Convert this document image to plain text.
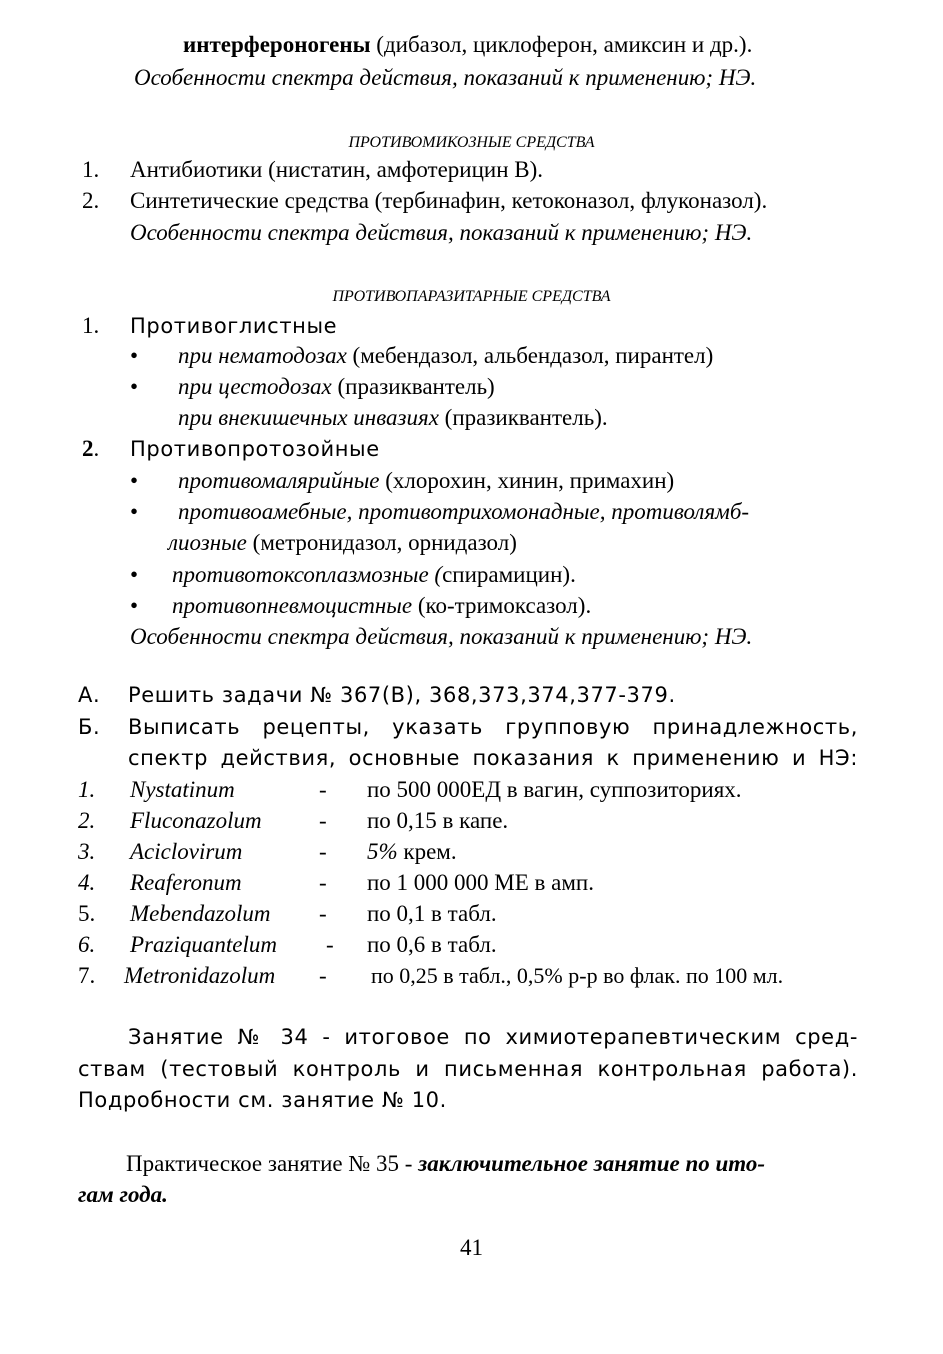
интерфероногены (дибазол, циклоферон, амиксин и др.).
Особенности спектра действия, показаний к применению; НЭ.
ПРОТИВОМИКОЗНЫЕ СРЕДСТВА
1. Антибиотики (нистатин, амфотерицин В).
2. Синтетические средства (тербинафин, кетоконазол, флуконазол).
Особенности спектра действия, показаний к применению; НЭ.
ПРОТИВОПАРАЗИТАРНЫЕ СРЕДСТВА
1. Противоглистные
• при нематодозах (мебендазол, альбендазол, пирантел)
• при цестодозах (празиквантель)
при внекишечных инвазиях (празиквантель).
2. Противопротозойные
• противомалярийные (хлорохин, хинин, примахин)
• противоамебные, противотрихомонадные, противолямб-
лиозные (метронидазол, орнидазол)
• противотоксоплазмозные (спирамицин).
• противопневмоцистные (ко-тримоксазол).
Особенности спектра действия, показаний к применению; НЭ.
А. Решить задачи № 367(В), 368,373,374,377-379.
Б. Выписать рецепты, указать групповую принадлежность,
спектр действия, основные показания к применению и НЭ:
1. Nystatinum	- по 500 000ЕД в вагин, суппозиториях.
2. Fluconazolum - по 0,15 в капе.
3. Aciclovirum	- 5% крем.
4. Reaferonum	- по 1 000 000 МЕ в амп.
5. Mebendazolum - по 0,1 в табл.
6. Praziquantelum - по 0,6 в табл.
7. Metronidazolum - по 0,25 в табл., 0,5% р-р во флак. по 100 мл.
Занятие № 34 - итоговое по химиотерапевтическим сред-
ствам (тестовый контроль и письменная контрольная работа).
Подробности см. занятие № 10.
Практическое занятие № 35 - заключительное занятие по ито-
гам года.
41
